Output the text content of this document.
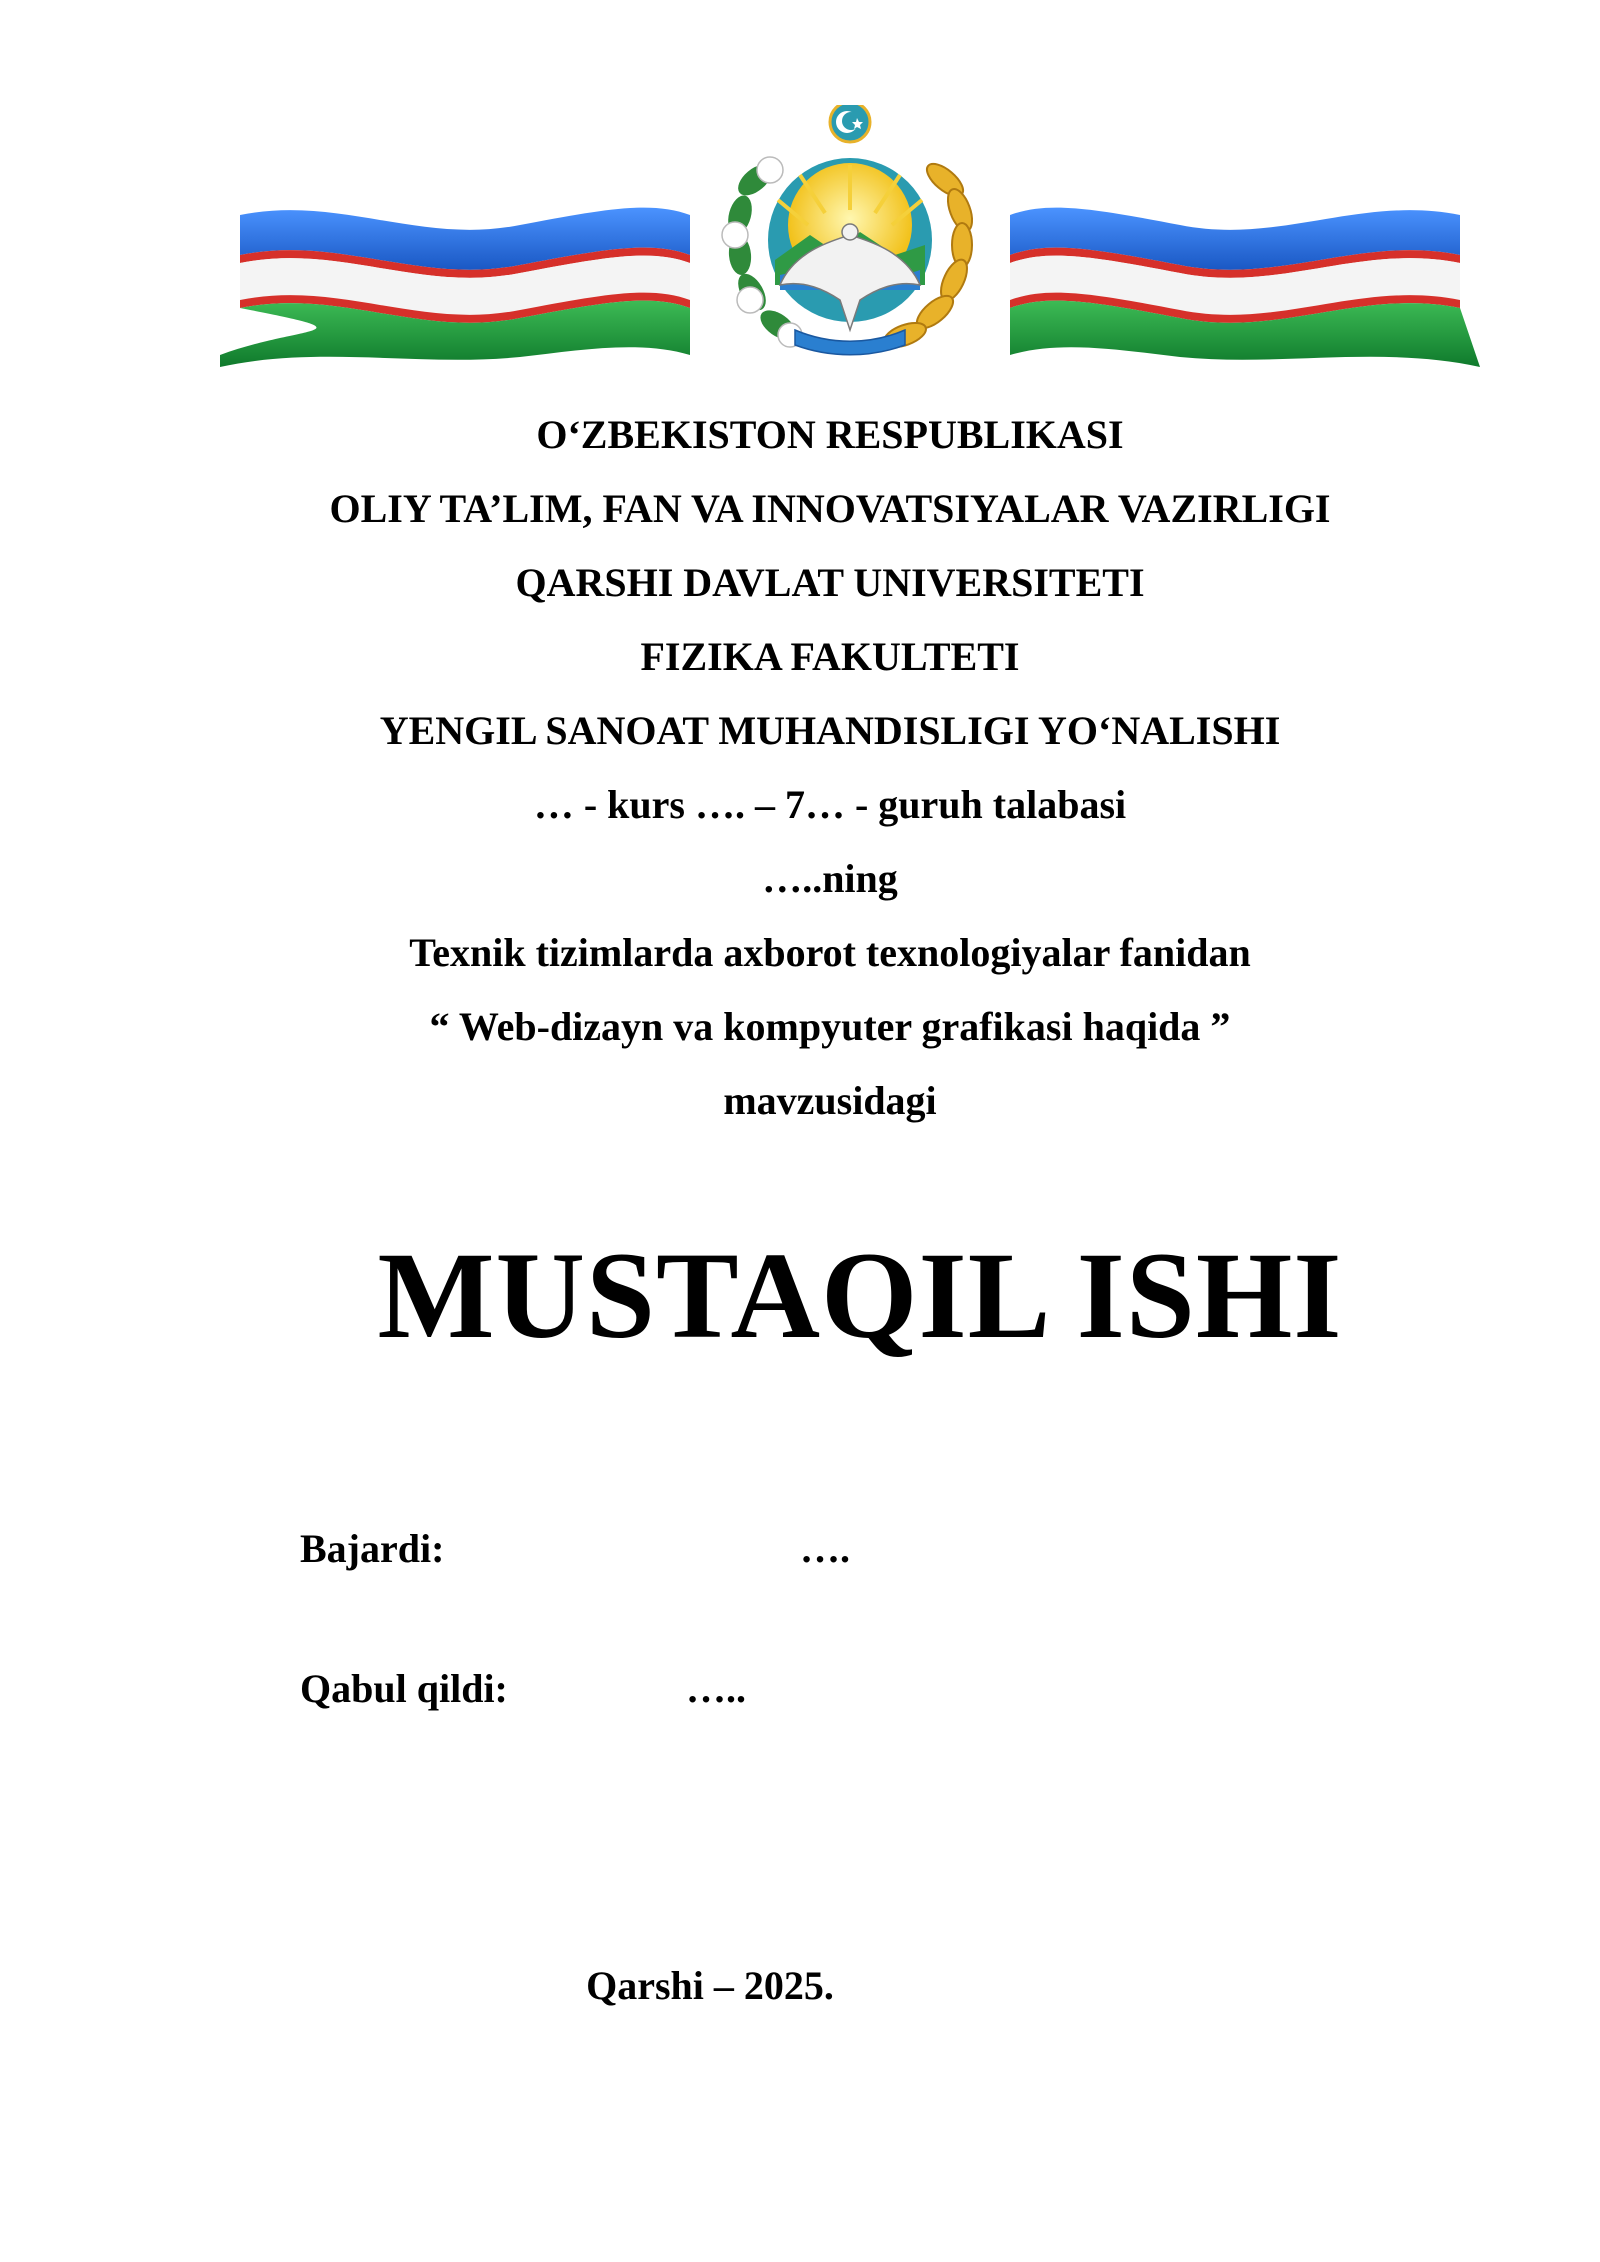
O‘ZBEKISTON RESPUBLIKASI
OLIY TA’LIM, FAN VA INNOVATSIYALAR VAZIRLIGI
QARSHI DAVLAT UNIVERSITETI
FIZIKA FAKULTETI
YENGIL SANOAT MUHANDISLIGI YO‘NALISHI
… - kurs …. – 7… - guruh talabasi
…..ning
Texnik tizimlarda axborot texnologiyalar fanidan
“ Web-dizayn va kompyuter grafikasi haqida ”
mavzusidagi
MUSTAQIL ISHI
Bajardi:	….
Qabul qildi:	…..
Qarshi – 2025.
